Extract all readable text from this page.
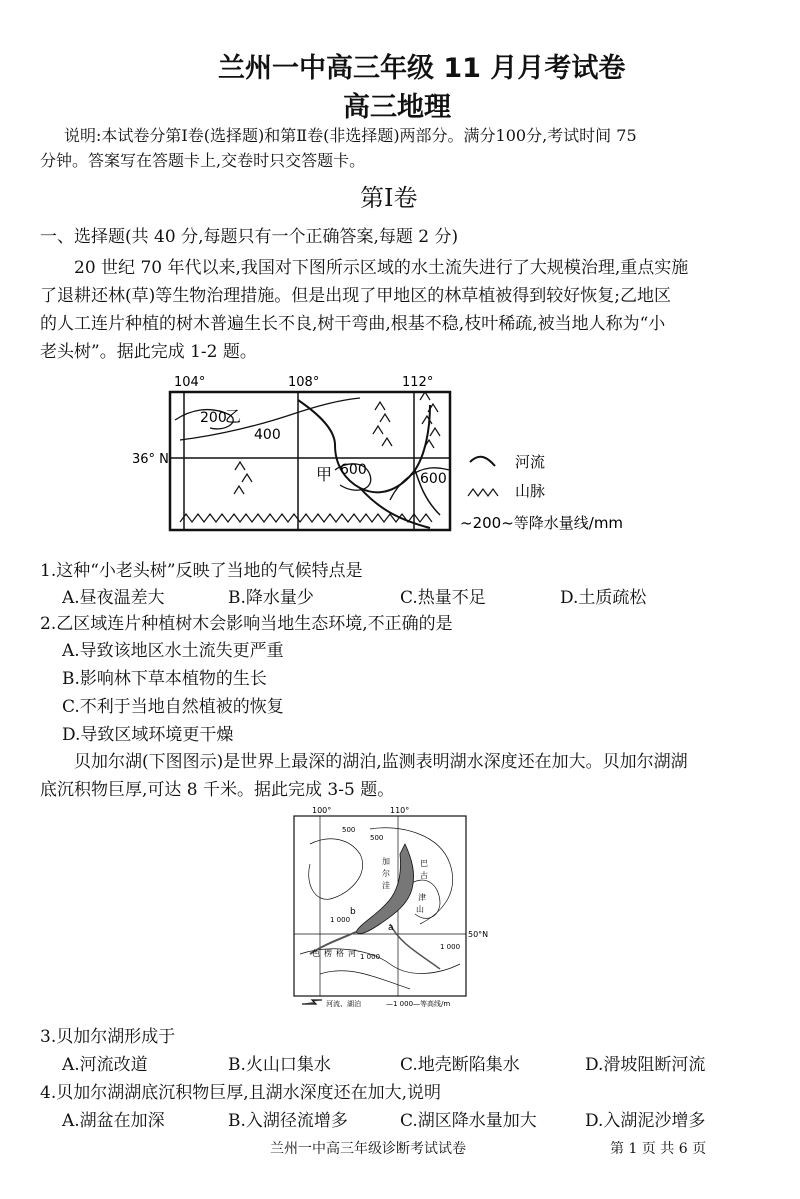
兰州一中高三年级 11 月月考试卷
高三地理
说明:本试卷分第Ⅰ卷(选择题)和第Ⅱ卷(非选择题)两部分。满分100分,考试时间 75
分钟。答案写在答题卡上,交卷时只交答题卡。
第Ⅰ卷
一、选择题(共 40 分,每题只有一个正确答案,每题 2 分)
20 世纪 70 年代以来,我国对下图所示区域的水土流失进行了大规模治理,重点实施
了退耕还林(草)等生物治理措施。但是出现了甲地区的林草植被得到较好恢复;乙地区
的人工连片种植的树木普遍生长不良,树干弯曲,根基不稳,枝叶稀疏,被当地人称为“小
老头树”。据此完成 1-2 题。
104°	108°	112°
36° N
200
乙
400
600
甲	600
河流
山脉
~200~等降水量线/mm
1.这种“小老头树”反映了当地的气候特点是
A.昼夜温差大	B.降水量少	C.热量不足	D.土质疏松
2.乙区域连片种植树木会影响当地生态环境,不正确的是
A.导致该地区水土流失更严重
B.影响林下草本植物的生长
C.不利于当地自然植被的恢复
D.导致区域环境更干燥
贝加尔湖(下图图示)是世界上最深的湖泊,监测表明湖水深度还在加大。贝加尔湖湖
底沉积物巨厚,可达 8 千米。据此完成 3-5 题。
100°	110°
50°N
500
500
1 000
1 000
1 000
a
b
加
尔
洼
巴
古
津
山
色 楞 格 河
河流、湖泊	—1 000—等高线/m
3.贝加尔湖形成于
A.河流改道	B.火山口集水	C.地壳断陷集水	D.滑坡阻断河流
4.贝加尔湖湖底沉积物巨厚,且湖水深度还在加大,说明
A.湖盆在加深	B.入湖径流增多	C.湖区降水量加大	D.入湖泥沙增多
兰州一中高三年级诊断考试试卷	第 1 页 共 6 页
